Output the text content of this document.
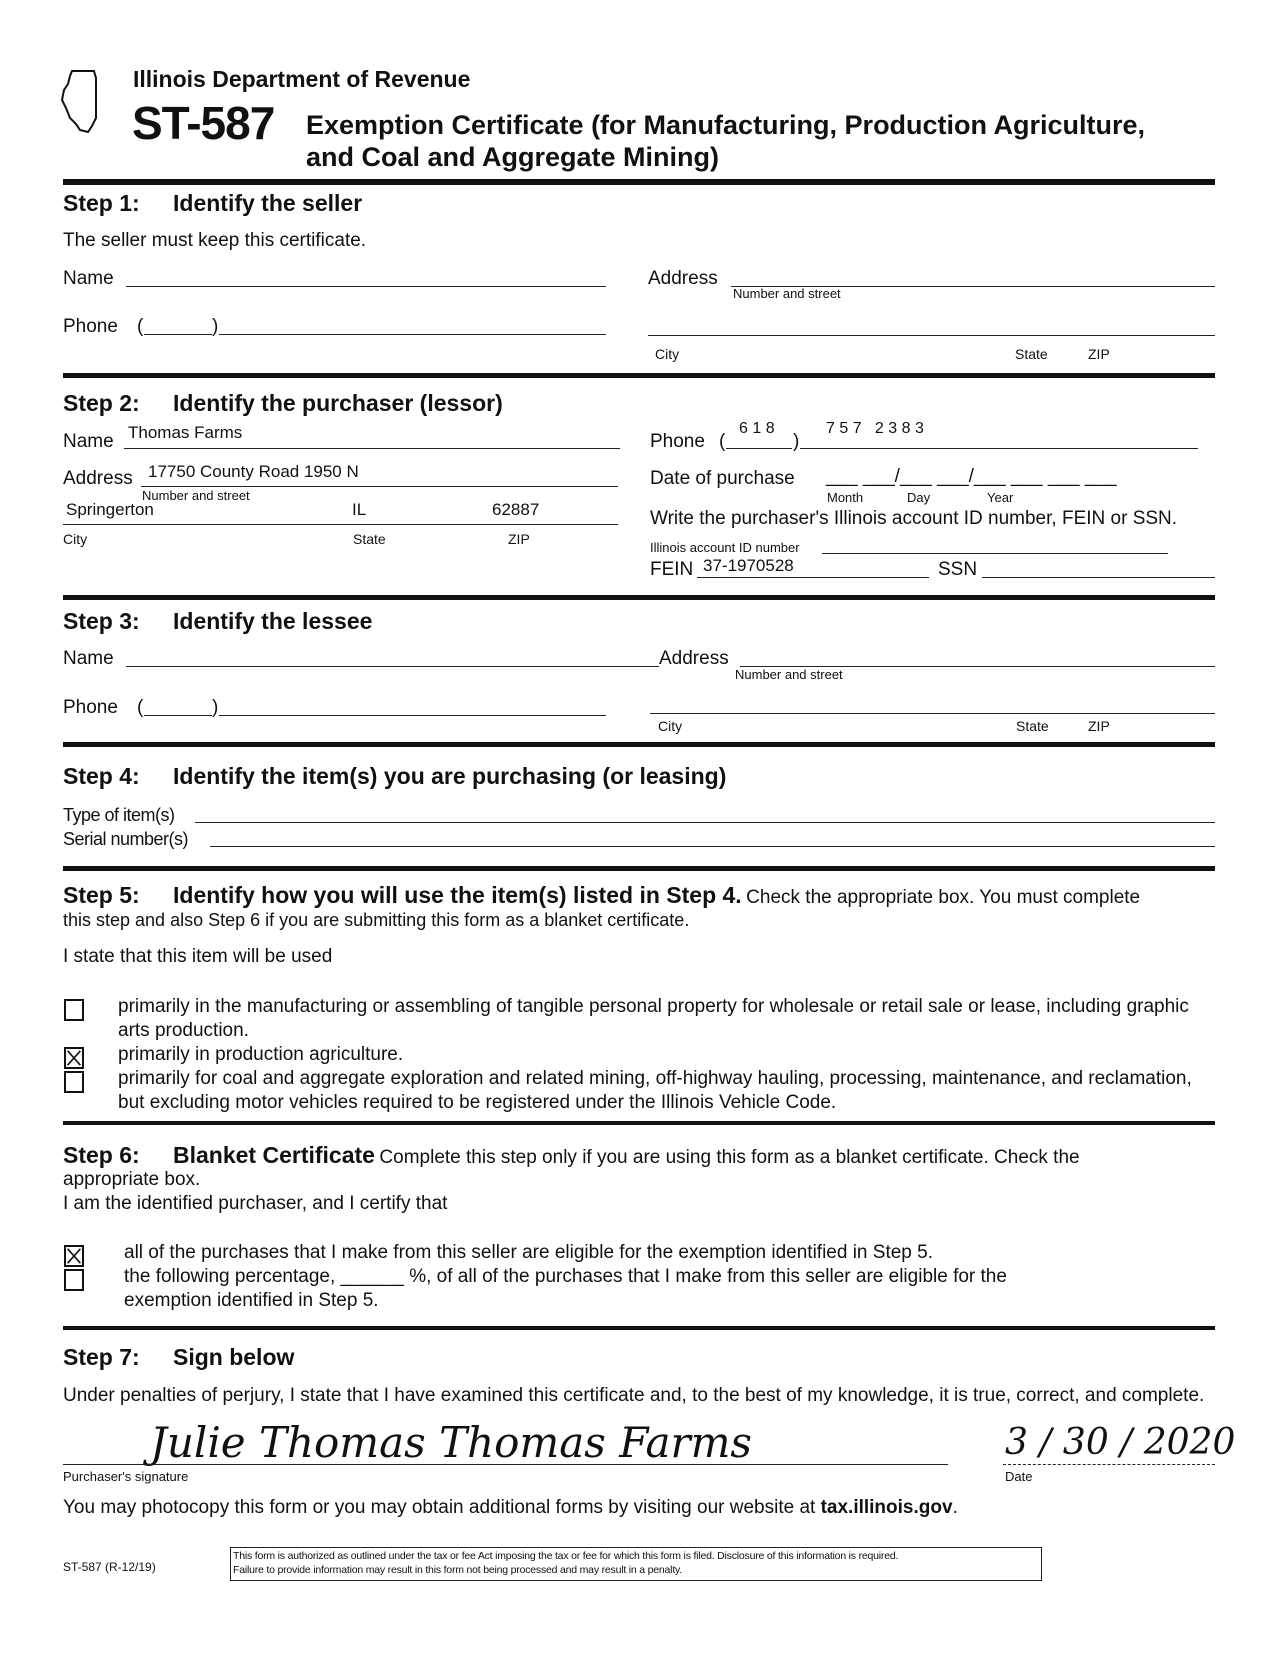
Illinois Department of Revenue
ST-587 Exemption Certificate (for Manufacturing, Production Agriculture,
and Coal and Aggregate Mining)
Step 1: Identify the seller
The seller must keep this certificate.
Name
Phone (	)
Address
Number and street
City	State	ZIP
Step 2: Identify the purchaser (lessor)
Name Thomas Farms
Address 17750 County Road 1950 N
Number and street
Springerton	IL	62887
City	State	ZIP
Phone (
6 1 8
)
7 5 7   2 3 8 3
Date of purchase ___ ___/___ ___/___ ___ ___ ___
Month	Day	Year
Write the purchaser's Illinois account ID number, FEIN or SSN.
Illinois account ID number
FEIN 37-1970528	SSN
Step 3: Identify the lessee
Name
Phone (	)
Address
Number and street
City	State	ZIP
Step 4: Identify the item(s) you are purchasing (or leasing)
Type of item(s)
Serial number(s)
Step 5: Identify how you will use the item(s) listed in Step 4. Check the appropriate box. You must complete
this step and also Step 6 if you are submitting this form as a blanket certificate.
I state that this item will be used
primarily in the manufacturing or assembling of tangible personal property for wholesale or retail sale or lease, including graphic arts production.
primarily in production agriculture.
primarily for coal and aggregate exploration and related mining, off-highway hauling, processing, maintenance, and reclamation, but excluding motor vehicles required to be registered under the Illinois Vehicle Code.
Step 6: Blanket Certificate Complete this step only if you are using this form as a blanket certificate. Check the
appropriate box.
I am the identified purchaser, and I certify that
all of the purchases that I make from this seller are eligible for the exemption identified in Step 5.
the following percentage, ______ %, of all of the purchases that I make from this seller are eligible for the exemption identified in Step 5.
Step 7: Sign below
Under penalties of perjury, I state that I have examined this certificate and, to the best of my knowledge, it is true, correct, and complete.
Julie Thomas Thomas Farms
Purchaser's signature
3 / 30 / 2020
Date
You may photocopy this form or you may obtain additional forms by visiting our website at tax.illinois.gov.
ST-587 (R-12/19)
This form is authorized as outlined under the tax or fee Act imposing the tax or fee for which this form is filed. Disclosure of this information is required.
Failure to provide information may result in this form not being processed and may result in a penalty.
